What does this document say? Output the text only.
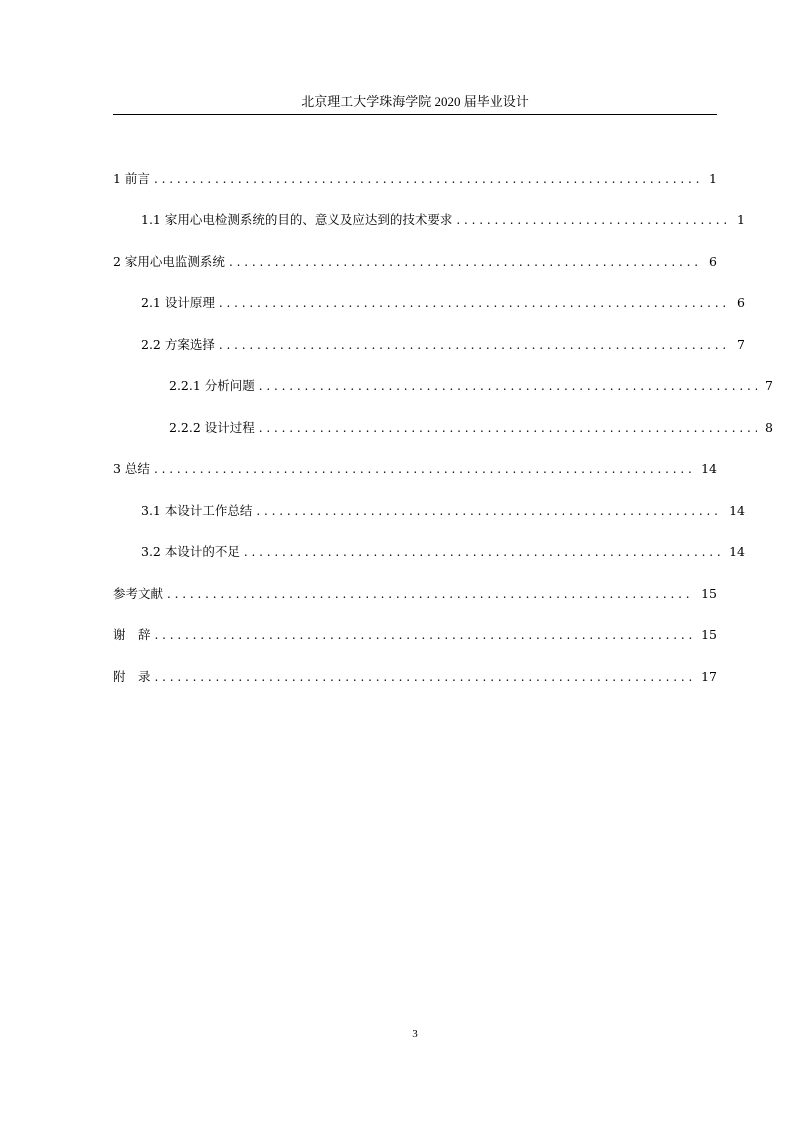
北京理工大学珠海学院 2020 届毕业设计
1 前言 . . .	1
1.1 家用心电检测系统的目的、意义及应达到的技术要求 . . .	1
2 家用心电监测系统 . . .	6
2.1 设计原理 . . .	6
2.2 方案选择 . . .	7
2.2.1 分析问题 . . .	7
2.2.2 设计过程 . . .	8
3 总结 . . .	14
3.1 本设计工作总结 . . .	14
3.2 本设计的不足 . . .	14
参考文献 . . .	15
谢　辞 . . .	15
附　录 . . .	17
3
